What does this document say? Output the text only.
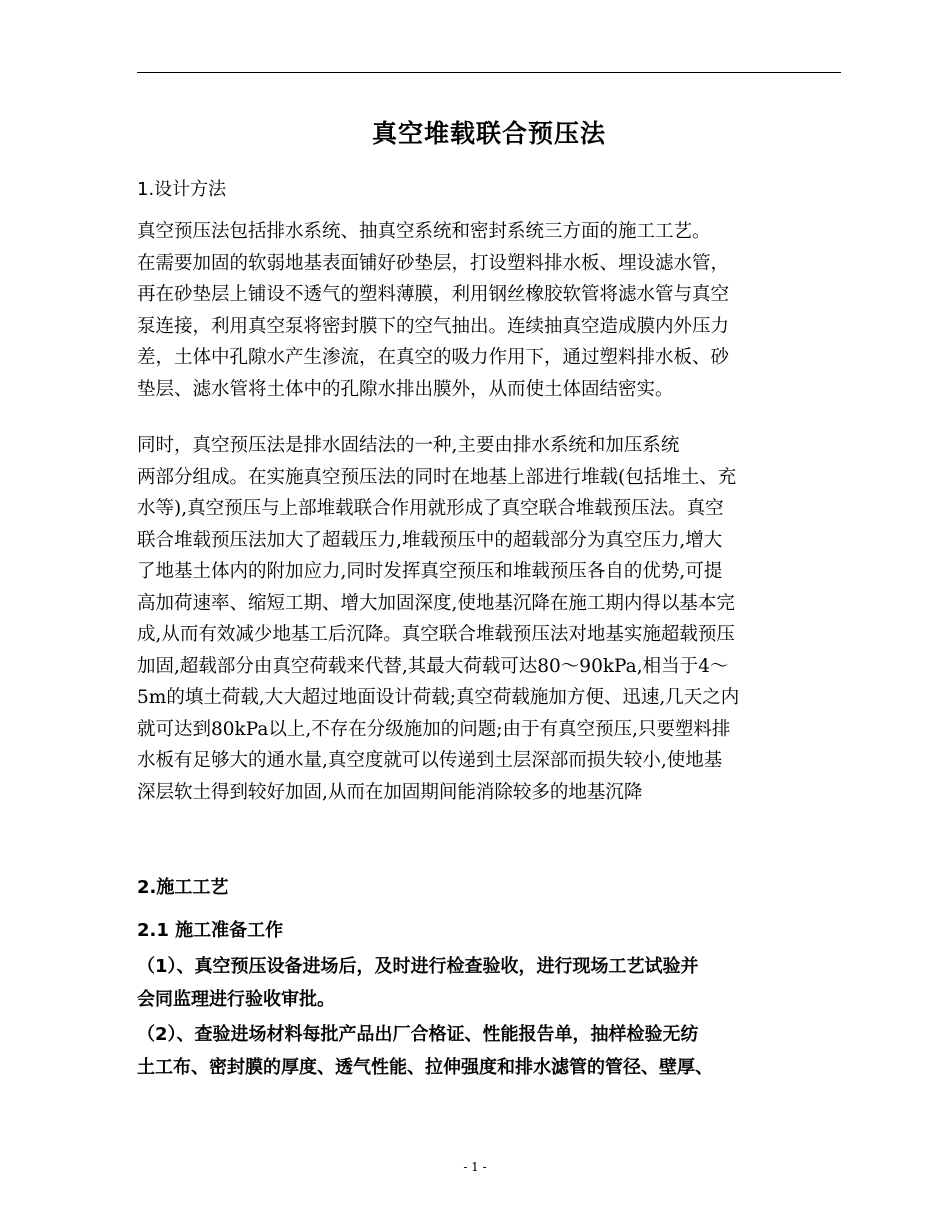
真空堆载联合预压法
1.设计方法

真空预压法包括排水系统、抽真空系统和密封系统三方面的施工工艺。
在需要加固的软弱地基表面铺好砂垫层，打设塑料排水板、埋设滤水管，
再在砂垫层上铺设不透气的塑料薄膜，利用钢丝橡胶软管将滤水管与真空
泵连接，利用真空泵将密封膜下的空气抽出。连续抽真空造成膜内外压力
差，土体中孔隙水产生渗流，在真空的吸力作用下，通过塑料排水板、砂
垫层、滤水管将土体中的孔隙水排出膜外，从而使土体固结密实。

同时，真空预压法是排水固结法的一种,主要由排水系统和加压系统
两部分组成。在实施真空预压法的同时在地基上部进行堆载(包括堆土、充
水等),真空预压与上部堆载联合作用就形成了真空联合堆载预压法。真空
联合堆载预压法加大了超载压力,堆载预压中的超载部分为真空压力,增大
了地基土体内的附加应力,同时发挥真空预压和堆载预压各自的优势,可提
高加荷速率、缩短工期、增大加固深度,使地基沉降在施工期内得以基本完
成,从而有效减少地基工后沉降。真空联合堆载预压法对地基实施超载预压
加固,超载部分由真空荷载来代替,其最大荷载可达80～90kPa,相当于4～
5m的填土荷载,大大超过地面设计荷载;真空荷载施加方便、迅速,几天之内
就可达到80kPa以上,不存在分级施加的问题;由于有真空预压,只要塑料排
水板有足够大的通水量,真空度就可以传递到土层深部而损失较小,使地基
深层软土得到较好加固,从而在加固期间能消除较多的地基沉降

2.施工工艺
2.1 施工准备工作

（1）、真空预压设备进场后，及时进行检查验收，进行现场工艺试验并
会同监理进行验收审批。

（2）、查验进场材料每批产品出厂合格证、性能报告单，抽样检验无纺
土工布、密封膜的厚度、透气性能、拉伸强度和排水滤管的管径、壁厚、

- 1 -
